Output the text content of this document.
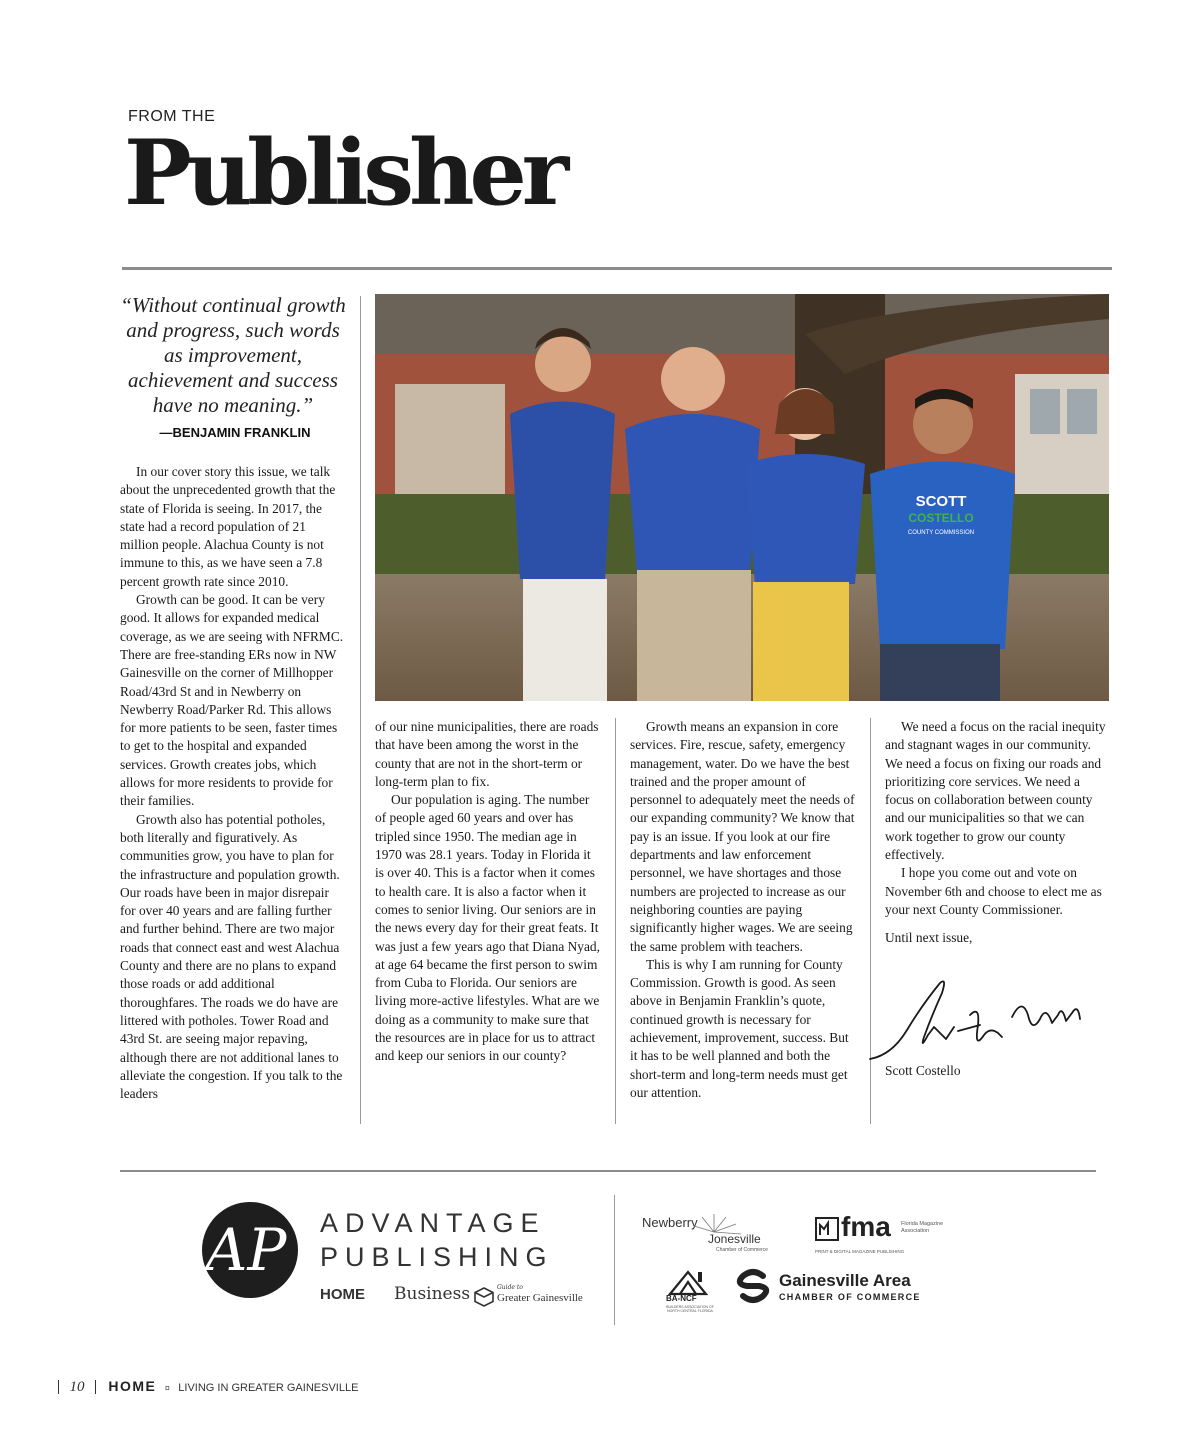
FROM THE
Publisher
“Without continual growth and progress, such words as improvement, achievement and success have no meaning.”
—BENJAMIN FRANKLIN

In our cover story this issue, we talk about the unprecedented growth that the state of Florida is seeing. In 2017, the state had a record population of 21 million people. Alachua County is not immune to this, as we have seen a 7.8 percent growth rate since 2010.

Growth can be good. It can be very good. It allows for expanded medical coverage, as we are seeing with NFRMC. There are free-standing ERs now in NW Gainesville on the corner of Millhopper Road/43rd St and in Newberry on Newberry Road/Parker Rd. This allows for more patients to be seen, faster times to get to the hospital and expanded services. Growth creates jobs, which allows for more residents to provide for their families.

Growth also has potential potholes, both literally and figuratively. As communities grow, you have to plan for the infrastructure and population growth. Our roads have been in major disrepair for over 40 years and are falling further and further behind. There are two major roads that connect east and west Alachua County and there are no plans to expand those roads or add additional thoroughfares. The roads we do have are littered with potholes. Tower Road and 43rd St. are seeing major repaving, although there are not additional lanes to alleviate the congestion. If you talk to the leaders

SCOTT
COSTELLO
COUNTY COMMISSION

of our nine municipalities, there are roads that have been among the worst in the county that are not in the short-term or long-term plan to fix.

Our population is aging. The number of people aged 60 years and over has tripled since 1950. The median age in 1970 was 28.1 years. Today in Florida it is over 40. This is a factor when it comes to health care. It is also a factor when it comes to senior living. Our seniors are in the news every day for their great feats. It was just a few years ago that Diana Nyad, at age 64 became the first person to swim from Cuba to Florida. Our seniors are living more-active lifestyles. What are we doing as a community to make sure that the resources are in place for us to attract and keep our seniors in our county?

Growth means an expansion in core services. Fire, rescue, safety, emergency management, water. Do we have the best trained and the proper amount of personnel to adequately meet the needs of our expanding community? We know that pay is an issue. If you look at our fire departments and law enforcement personnel, we have shortages and those numbers are projected to increase as our neighboring counties are paying significantly higher wages. We are seeing the same problem with teachers.

This is why I am running for County Commission. Growth is good. As seen above in Benjamin Franklin’s quote, continued growth is necessary for achievement, improvement, success. But it has to be well planned and both the short-term and long-term needs must get our attention.

We need a focus on the racial inequity and stagnant wages in our community. We need a focus on fixing our roads and prioritizing core services. We need a focus on collaboration between county and our municipalities so that we can work together to grow our county effectively.

I hope you come out and vote on November 6th and choose to elect me as your next County Commissioner.

Until next issue,

Scott Costello
AP ADVANTAGE
PUBLISHING
HOME Business	Guide to
Greater Gainesville
Newberry
Jonesville
Chamber of Commerce
fma Florida Magazine Association
PRINT & DIGITAL MAGAZINE PUBLISHING
BA-NCF
BUILDERS ASSOCIATION OF NORTH CENTRAL FLORIDA
Gainesville Area
CHAMBER OF COMMERCE
10 HOME ¤ LIVING IN GREATER GAINESVILLE
